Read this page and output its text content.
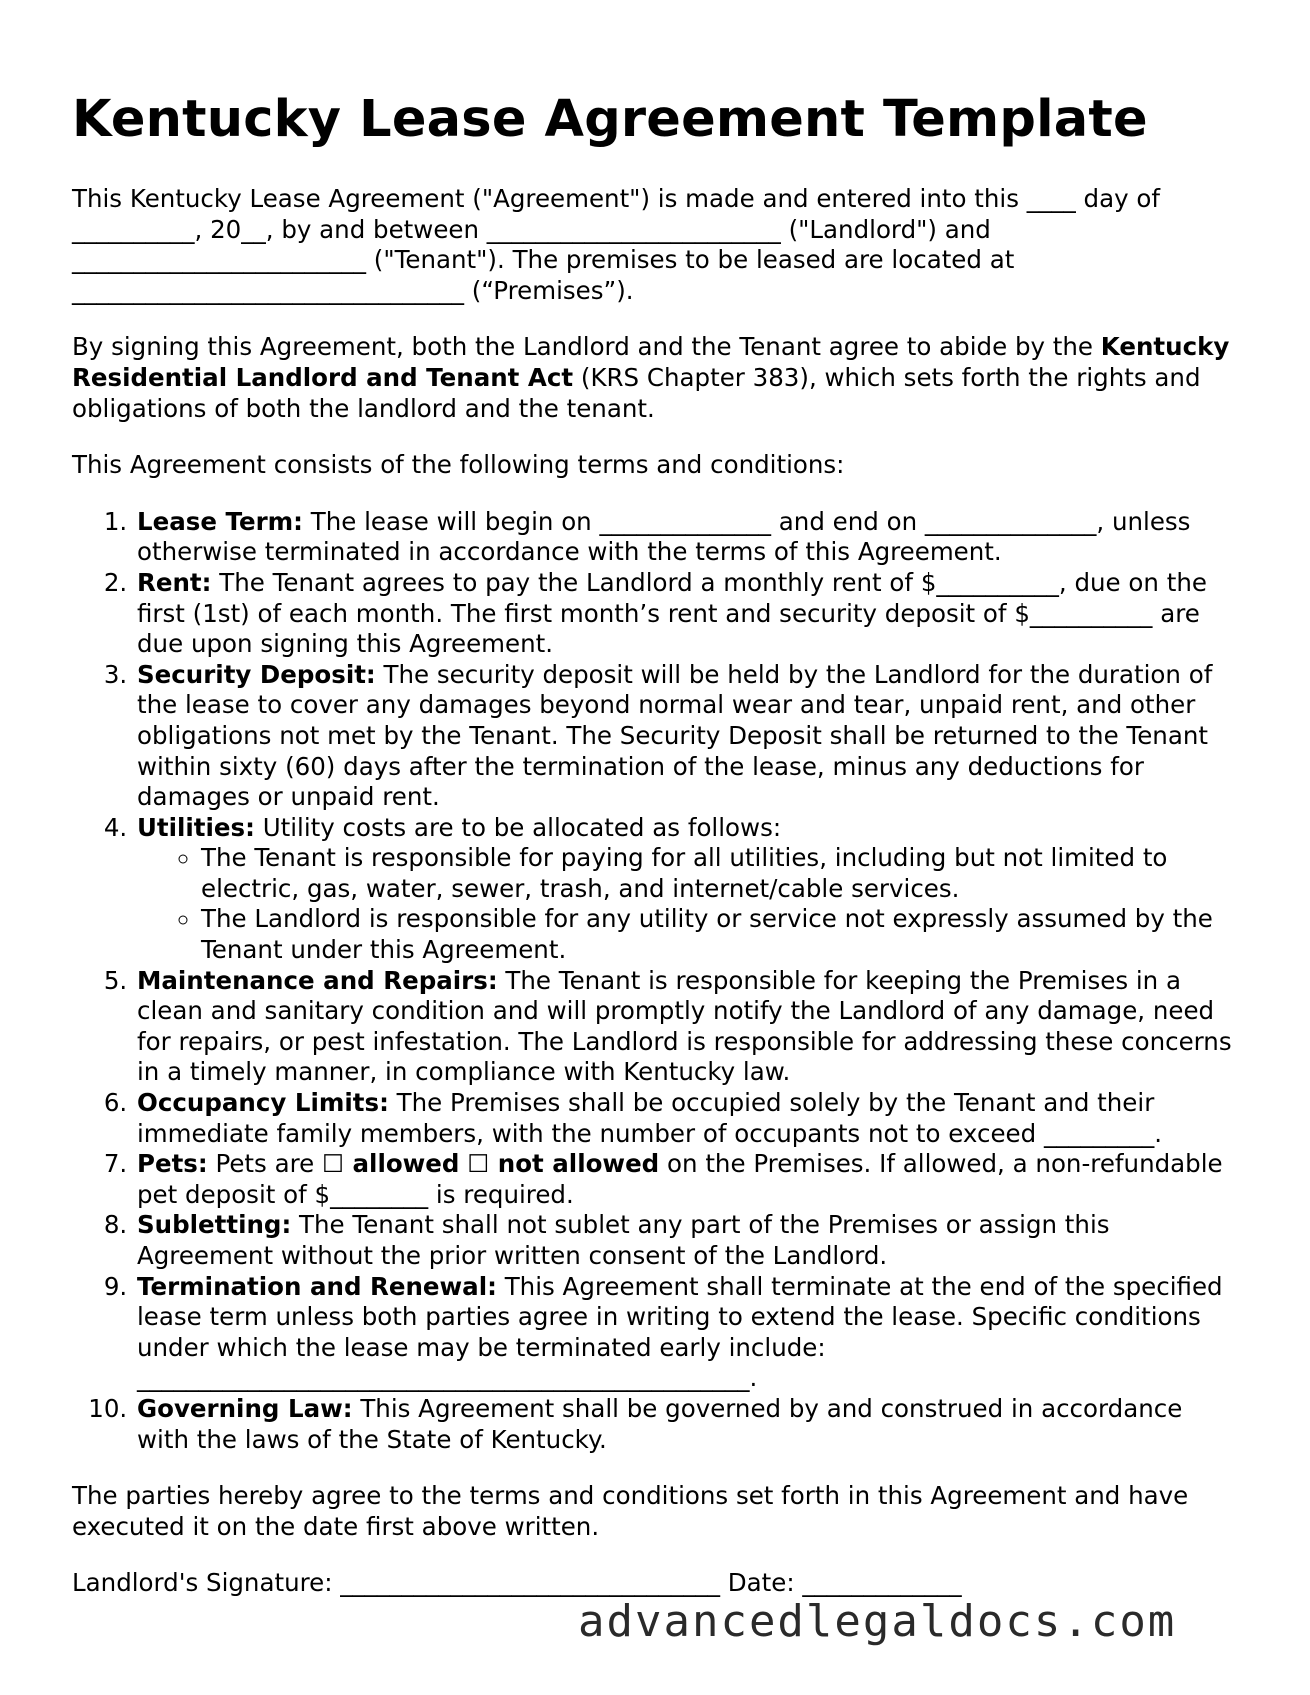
Kentucky Lease Agreement Template

This Kentucky Lease Agreement ("Agreement") is made and entered into this ____ day of __________, 20__, by and between ________________________ ("Landlord") and ________________________ ("Tenant"). The premises to be leased are located at ________________________________ (“Premises”).

By signing this Agreement, both the Landlord and the Tenant agree to abide by the Kentucky Residential Landlord and Tenant Act (KRS Chapter 383), which sets forth the rights and obligations of both the landlord and the tenant.

This Agreement consists of the following terms and conditions:

1. Lease Term: The lease will begin on ______________ and end on ______________, unless otherwise terminated in accordance with the terms of this Agreement.
2. Rent: The Tenant agrees to pay the Landlord a monthly rent of $__________, due on the first (1st) of each month. The first month’s rent and security deposit of $__________ are due upon signing this Agreement.
3. Security Deposit: The security deposit will be held by the Landlord for the duration of the lease to cover any damages beyond normal wear and tear, unpaid rent, and other obligations not met by the Tenant. The Security Deposit shall be returned to the Tenant within sixty (60) days after the termination of the lease, minus any deductions for damages or unpaid rent.
4. Utilities: Utility costs are to be allocated as follows:
◦ The Tenant is responsible for paying for all utilities, including but not limited to electric, gas, water, sewer, trash, and internet/cable services.
◦ The Landlord is responsible for any utility or service not expressly assumed by the Tenant under this Agreement.
5. Maintenance and Repairs: The Tenant is responsible for keeping the Premises in a clean and sanitary condition and will promptly notify the Landlord of any damage, need for repairs, or pest infestation. The Landlord is responsible for addressing these concerns in a timely manner, in compliance with Kentucky law.
6. Occupancy Limits: The Premises shall be occupied solely by the Tenant and their immediate family members, with the number of occupants not to exceed _________.
7. Pets: Pets are ☐ allowed ☐ not allowed on the Premises. If allowed, a non-refundable pet deposit of $________ is required.
8. Subletting: The Tenant shall not sublet any part of the Premises or assign this Agreement without the prior written consent of the Landlord.
9. Termination and Renewal: This Agreement shall terminate at the end of the specified lease term unless both parties agree in writing to extend the lease. Specific conditions under which the lease may be terminated early include: __________________________________________________.
10. Governing Law: This Agreement shall be governed by and construed in accordance with the laws of the State of Kentucky.

The parties hereby agree to the terms and conditions set forth in this Agreement and have executed it on the date first above written.

Landlord's Signature: _______________________________ Date: _____________
advancedlegaldocs.com
